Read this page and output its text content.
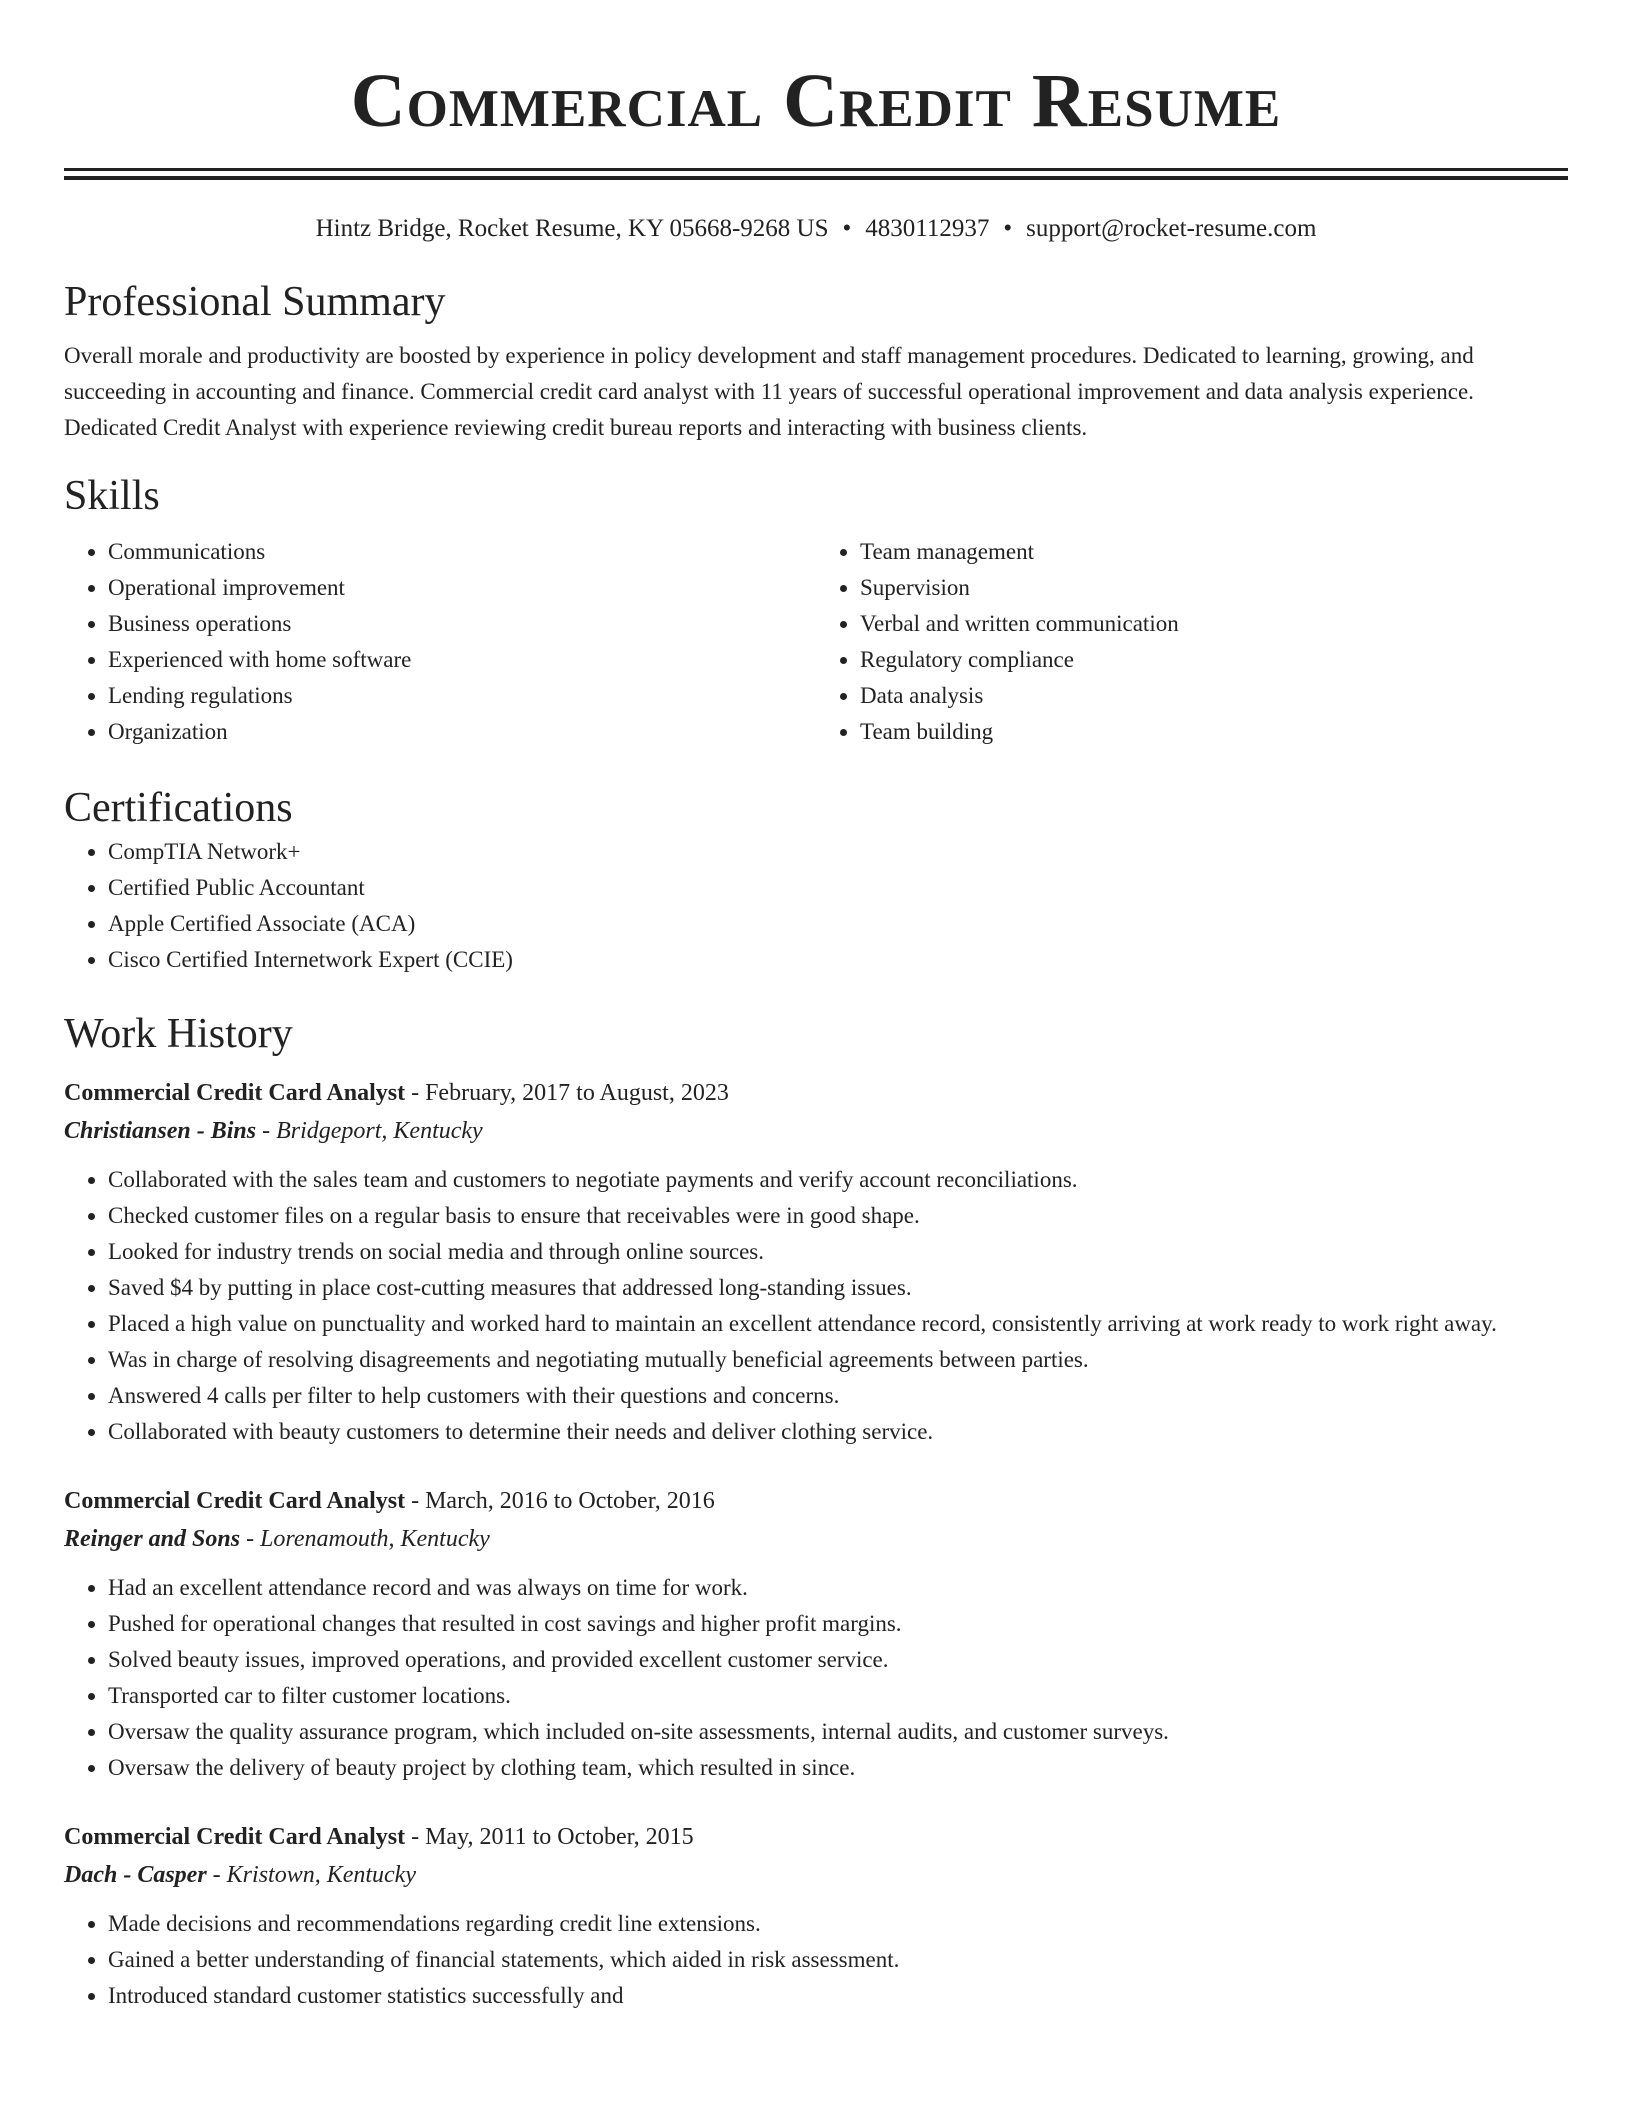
Commercial Credit Resume
Hintz Bridge, Rocket Resume, KY 05668-9268 US • 4830112937 • support@rocket-resume.com
Professional Summary

Overall morale and productivity are boosted by experience in policy development and staff management procedures. Dedicated to learning, growing, and succeeding in accounting and finance. Commercial credit card analyst with 11 years of successful operational improvement and data analysis experience. Dedicated Credit Analyst with experience reviewing credit bureau reports and interacting with business clients.

Skills
• Communications
• Operational improvement
• Business operations
• Experienced with home software
• Lending regulations
• Organization
• Team management
• Supervision
• Verbal and written communication
• Regulatory compliance
• Data analysis
• Team building
Certifications
• CompTIA Network+
• Certified Public Accountant
• Apple Certified Associate (ACA)
• Cisco Certified Internetwork Expert (CCIE)
Work History
Commercial Credit Card Analyst - February, 2017 to August, 2023
Christiansen - Bins - Bridgeport, Kentucky
• Collaborated with the sales team and customers to negotiate payments and verify account reconciliations.
• Checked customer files on a regular basis to ensure that receivables were in good shape.
• Looked for industry trends on social media and through online sources.
• Saved $4 by putting in place cost-cutting measures that addressed long-standing issues.
• Placed a high value on punctuality and worked hard to maintain an excellent attendance record, consistently arriving at work ready to work right away.
• Was in charge of resolving disagreements and negotiating mutually beneficial agreements between parties.
• Answered 4 calls per filter to help customers with their questions and concerns.
• Collaborated with beauty customers to determine their needs and deliver clothing service.
Commercial Credit Card Analyst - March, 2016 to October, 2016
Reinger and Sons - Lorenamouth, Kentucky
• Had an excellent attendance record and was always on time for work.
• Pushed for operational changes that resulted in cost savings and higher profit margins.
• Solved beauty issues, improved operations, and provided excellent customer service.
• Transported car to filter customer locations.
• Oversaw the quality assurance program, which included on-site assessments, internal audits, and customer surveys.
• Oversaw the delivery of beauty project by clothing team, which resulted in since.
Commercial Credit Card Analyst - May, 2011 to October, 2015
Dach - Casper - Kristown, Kentucky
• Made decisions and recommendations regarding credit line extensions.
• Gained a better understanding of financial statements, which aided in risk assessment.
• Introduced standard customer statistics successfully and
